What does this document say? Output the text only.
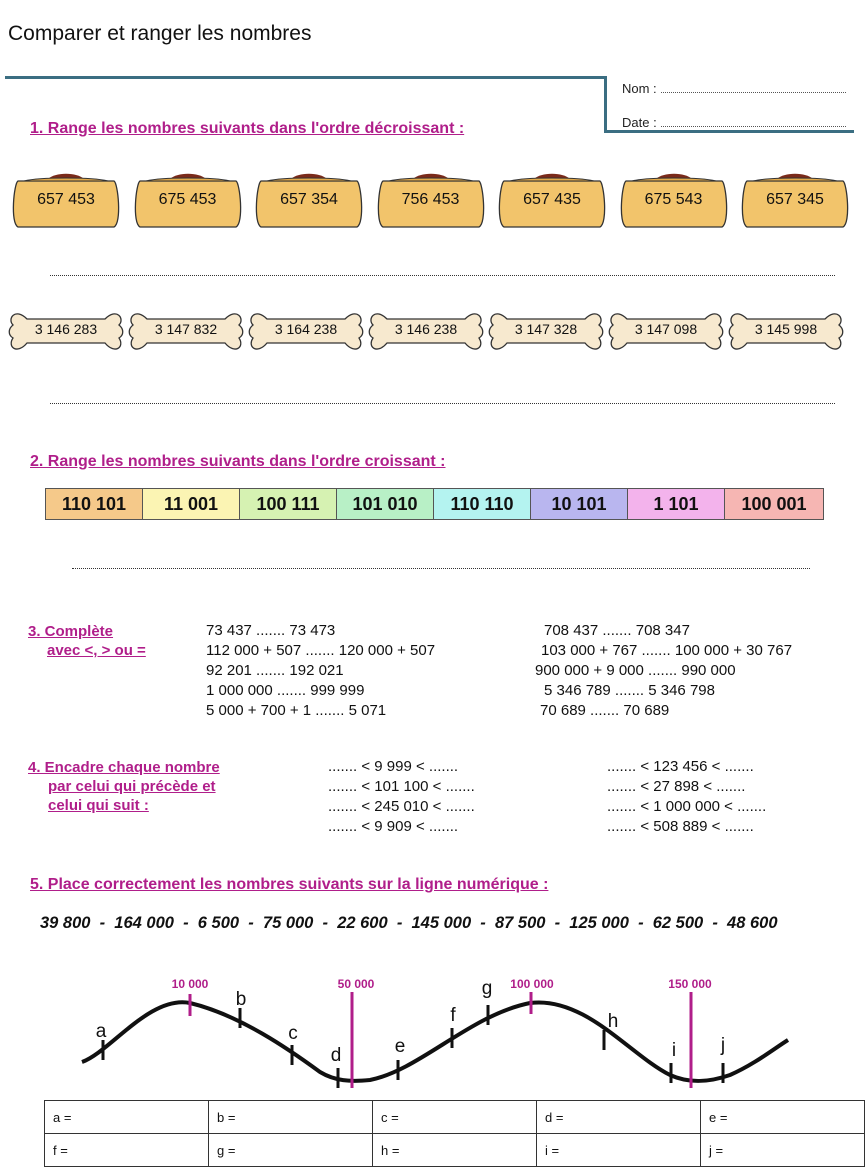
Comparer et ranger les nombres
Nom :
Date :
1. Range les nombres suivants dans l'ordre décroissant :
657 453	675 453	657 354	756 453	657 435	675 543	657 345
3 146 283	3 147 832	3 164 238	3 146 238	3 147 328	3 147 098	3 145 998
2. Range les nombres suivants dans l'ordre croissant :
110 101	11 001	100 111	101 010	110 110	10 101	1 101	100 001
3. Complète
avec <, > ou =
73 437 ....... 73 473
112 000 + 507 ....... 120 000 + 507
92 201 ....... 192 021
1 000 000 ....... 999 999
5 000 + 700 + 1 ....... 5 071
708 437 ....... 708 347
103 000 + 767 ....... 100 000 + 30 767
900 000 + 9 000 ....... 990 000
5 346 789 ....... 5 346 798
70 689 ....... 70 689
4. Encadre chaque nombre
par celui qui précède et
celui qui suit :
....... < 9 999 < .......
....... < 101 100 < .......
....... < 245 010 < .......
....... < 9 909 < .......
....... < 123 456 < .......
....... < 27 898 < .......
....... < 1 000 000 < .......
....... < 508 889 < .......
5. Place correctement les nombres suivants sur la ligne numérique :
39 800  -  164 000  -  6 500  -  75 000  -  22 600  -  145 000  -  87 500  -  125 000  -  62 500  -  48 600
10 000	50 000	100 000	150 000
a
b
c
d	e
f
g
h
i j
a =	b =	c =	d =	e =
f =	g =	h =	i =	j =
